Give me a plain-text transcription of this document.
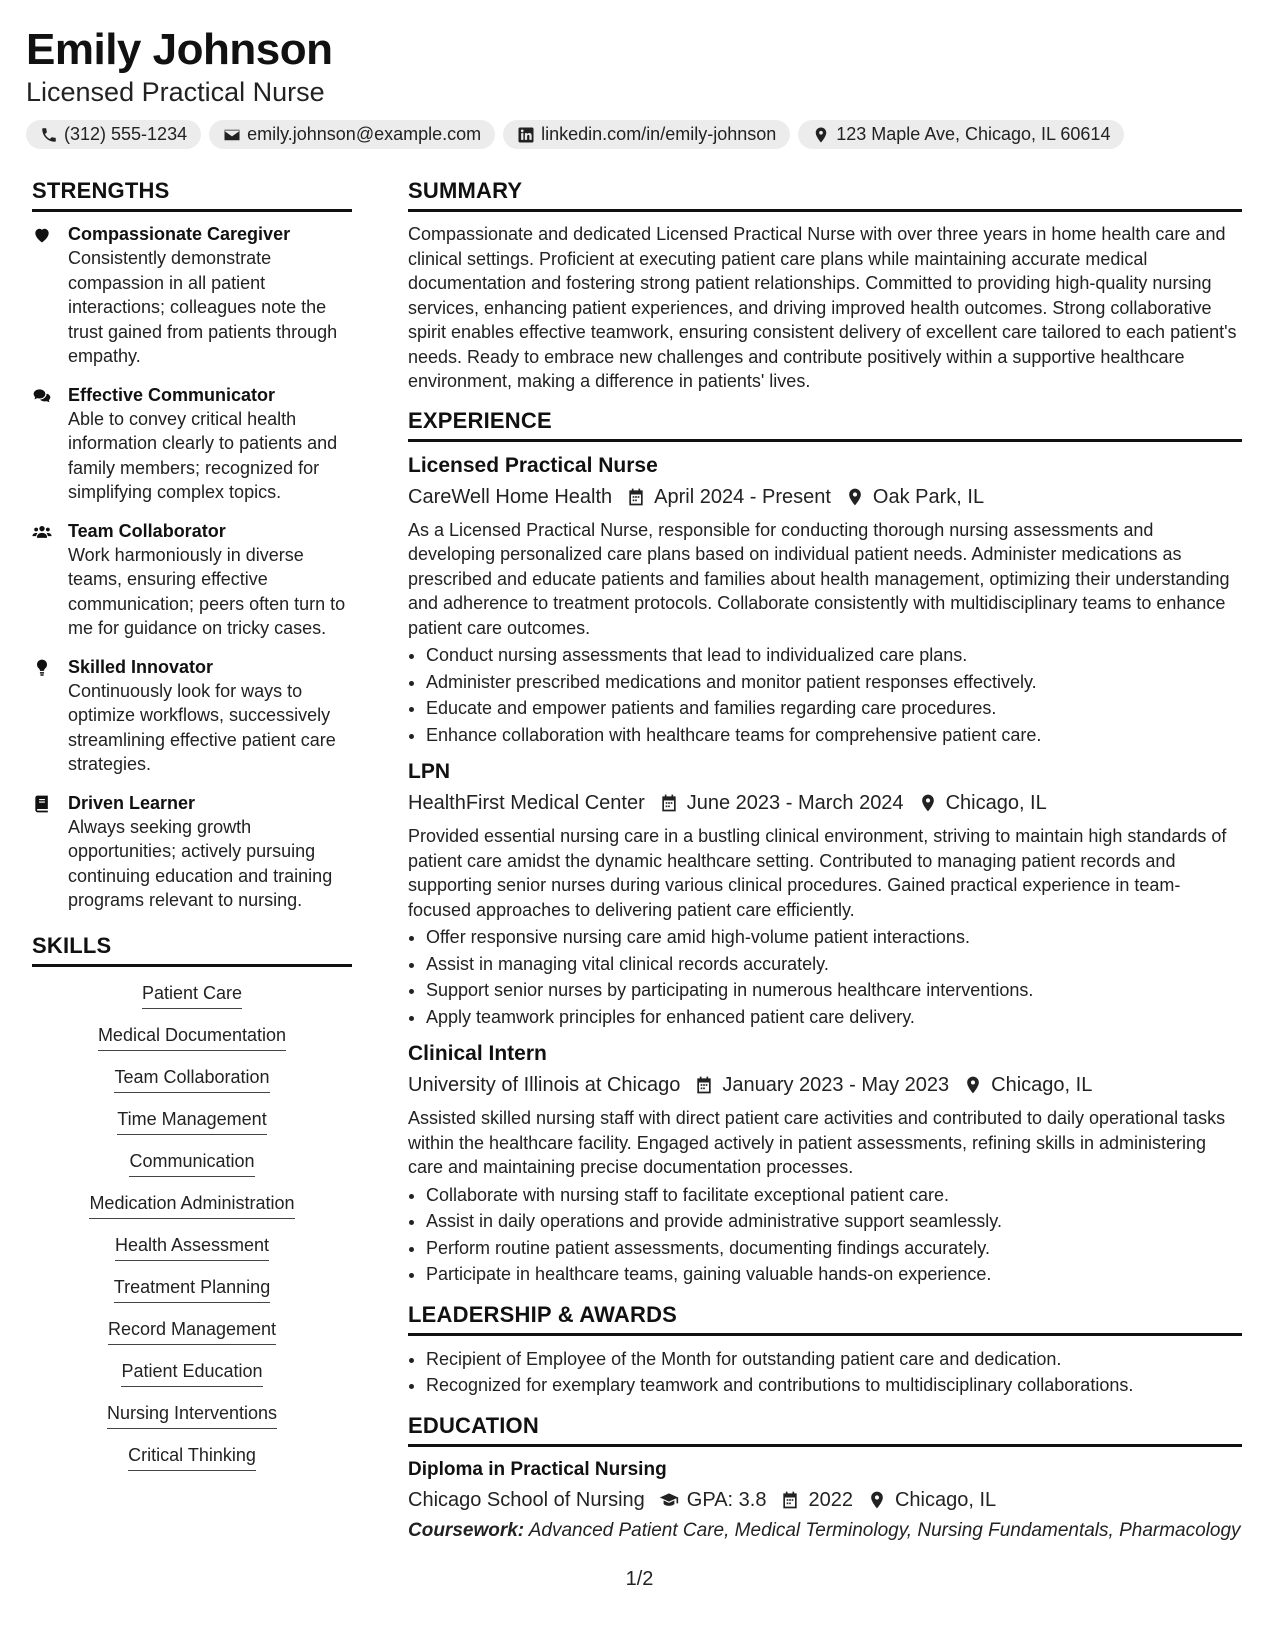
Emily Johnson
Licensed Practical Nurse
(312) 555-1234	emily.johnson@example.com	linkedin.com/in/emily-johnson	123 Maple Ave, Chicago, IL 60614
STRENGTHS
Compassionate Caregiver
Consistently demonstrate compassion in all patient interactions; colleagues note the trust gained from patients through empathy.
Effective Communicator
Able to convey critical health information clearly to patients and family members; recognized for simplifying complex topics.
Team Collaborator
Work harmoniously in diverse teams, ensuring effective communication; peers often turn to me for guidance on tricky cases.
Skilled Innovator
Continuously look for ways to optimize workflows, successively streamlining effective patient care strategies.
Driven Learner
Always seeking growth opportunities; actively pursuing continuing education and training programs relevant to nursing.
SKILLS
Patient Care
Medical Documentation
Team Collaboration
Time Management
Communication
Medication Administration
Health Assessment
Treatment Planning
Record Management
Patient Education
Nursing Interventions
Critical Thinking
SUMMARY
Compassionate and dedicated Licensed Practical Nurse with over three years in home health care and clinical settings. Proficient at executing patient care plans while maintaining accurate medical documentation and fostering strong patient relationships. Committed to providing high-quality nursing services, enhancing patient experiences, and driving improved health outcomes. Strong collaborative spirit enables effective teamwork, ensuring consistent delivery of excellent care tailored to each patient's needs. Ready to embrace new challenges and contribute positively within a supportive healthcare environment, making a difference in patients' lives.
EXPERIENCE
Licensed Practical Nurse
CareWell Home Health April 2024 - Present Oak Park, IL
As a Licensed Practical Nurse, responsible for conducting thorough nursing assessments and developing personalized care plans based on individual patient needs. Administer medications as prescribed and educate patients and families about health management, optimizing their understanding and adherence to treatment protocols. Collaborate consistently with multidisciplinary teams to enhance patient care outcomes.
• Conduct nursing assessments that lead to individualized care plans.
• Administer prescribed medications and monitor patient responses effectively.
• Educate and empower patients and families regarding care procedures.
• Enhance collaboration with healthcare teams for comprehensive patient care.
LPN
HealthFirst Medical Center June 2023 - March 2024 Chicago, IL
Provided essential nursing care in a bustling clinical environment, striving to maintain high standards of patient care amidst the dynamic healthcare setting. Contributed to managing patient records and supporting senior nurses during various clinical procedures. Gained practical experience in team-focused approaches to delivering patient care efficiently.
• Offer responsive nursing care amid high-volume patient interactions.
• Assist in managing vital clinical records accurately.
• Support senior nurses by participating in numerous healthcare interventions.
• Apply teamwork principles for enhanced patient care delivery.
Clinical Intern
University of Illinois at Chicago January 2023 - May 2023 Chicago, IL
Assisted skilled nursing staff with direct patient care activities and contributed to daily operational tasks within the healthcare facility. Engaged actively in patient assessments, refining skills in administering care and maintaining precise documentation processes.
• Collaborate with nursing staff to facilitate exceptional patient care.
• Assist in daily operations and provide administrative support seamlessly.
• Perform routine patient assessments, documenting findings accurately.
• Participate in healthcare teams, gaining valuable hands-on experience.
LEADERSHIP & AWARDS
• Recipient of Employee of the Month for outstanding patient care and dedication.
• Recognized for exemplary teamwork and contributions to multidisciplinary collaborations.
EDUCATION
Diploma in Practical Nursing
Chicago School of Nursing GPA: 3.8 2022 Chicago, IL
Coursework: Advanced Patient Care, Medical Terminology, Nursing Fundamentals, Pharmacology
1/2
